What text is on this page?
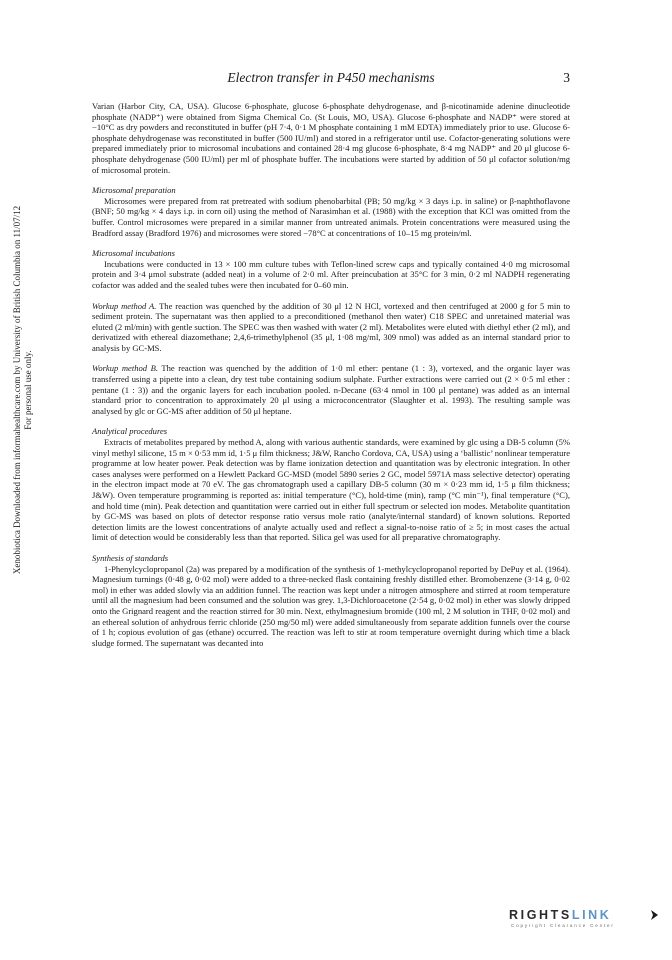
Electron transfer in P450 mechanisms	3
Xenobiotica Downloaded from informahealthcare.com by University of British Columbia on 11/07/12 For personal use only.

Varian (Harbor City, CA, USA). Glucose 6-phosphate, glucose 6-phosphate dehydrogenase, and β-nicotinamide adenine dinucleotide phosphate (NADP⁺) were obtained from Sigma Chemical Co. (St Louis, MO, USA). Glucose 6-phosphate and NADP⁺ were stored at −10°C as dry powders and reconstituted in buffer (pH 7·4, 0·1 M phosphate containing 1 mM EDTA) immediately prior to use. Glucose 6-phosphate dehydrogenase was reconstituted in buffer (500 IU/ml) and stored in a refrigerator until use. Cofactor-generating solutions were prepared immediately prior to microsomal incubations and contained 28·4 mg glucose 6-phosphate, 8·4 mg NADP⁺ and 20 μl glucose 6-phosphate dehydrogenase (500 IU/ml) per ml of phosphate buffer. The incubations were started by addition of 50 μl cofactor solution/mg of microsomal protein.

Microsomal preparation

Microsomes were prepared from rat pretreated with sodium phenobarbital (PB; 50 mg/kg × 3 days i.p. in saline) or β-naphthoflavone (BNF; 50 mg/kg × 4 days i.p. in corn oil) using the method of Narasimhan et al. (1988) with the exception that KCl was omitted from the buffer. Control microsomes were prepared in a similar manner from untreated animals. Protein concentrations were measured using the Bradford assay (Bradford 1976) and microsomes were stored −78°C at concentrations of 10–15 mg protein/ml.

Microsomal incubations

Incubations were conducted in 13 × 100 mm culture tubes with Teflon-lined screw caps and typically contained 4·0 mg microsomal protein and 3·4 μmol substrate (added neat) in a volume of 2·0 ml. After preincubation at 35°C for 3 min, 0·2 ml NADPH regenerating cofactor was added and the sealed tubes were then incubated for 0–60 min.

Workup method A. The reaction was quenched by the addition of 30 μl 12 N HCl, vortexed and then centrifuged at 2000 g for 5 min to sediment protein. The supernatant was then applied to a preconditioned (methanol then water) C18 SPEC and unretained material was eluted (2 ml/min) with gentle suction. The SPEC was then washed with water (2 ml). Metabolites were eluted with diethyl ether (2 ml), and derivatized with ethereal diazomethane; 2,4,6-trimethylphenol (35 μl, 1·08 mg/ml, 309 nmol) was added as an internal standard prior to analysis by GC-MS.

Workup method B. The reaction was quenched by the addition of 1·0 ml ether: pentane (1 : 3), vortexed, and the organic layer was transferred using a pipette into a clean, dry test tube containing sodium sulphate. Further extractions were carried out (2 × 0·5 ml ether : pentane (1 : 3)) and the organic layers for each incubation pooled. n-Decane (63·4 nmol in 100 μl pentane) was added as an internal standard prior to concentration to approximately 20 μl using a microconcentrator (Slaughter et al. 1993). The resulting sample was analysed by glc or GC-MS after addition of 50 μl heptane.

Analytical procedures

Extracts of metabolites prepared by method A, along with various authentic standards, were examined by glc using a DB-5 column (5% vinyl methyl silicone, 15 m × 0·53 mm id, 1·5 μ film thickness; J&W, Rancho Cordova, CA, USA) using a ‘ballistic’ nonlinear temperature programme at low heater power. Peak detection was by flame ionization detection and quantitation was by electronic integration. In other cases analyses were performed on a Hewlett Packard GC-MSD (model 5890 series 2 GC, model 5971A mass selective detector) operating in the electron impact mode at 70 eV. The gas chromatograph used a capillary DB-5 column (30 m × 0·23 mm id, 1·5 μ film thickness; J&W). Oven temperature programming is reported as: initial temperature (°C), hold-time (min), ramp (°C min⁻¹), final temperature (°C), and hold time (min). Peak detection and quantitation were carried out in either full spectrum or selected ion modes. Metabolite quantitation by GC-MS was based on plots of detector response ratio versus mole ratio (analyte/internal standard) of known solutions. Reported detection limits are the lowest concentrations of analyte actually used and reflect a signal-to-noise ratio of ≥ 5; in most cases the actual limit of detection would be considerably less than that reported. Silica gel was used for all preparative chromatography.

Synthesis of standards

1-Phenylcyclopropanol (2a) was prepared by a modification of the synthesis of 1-methylcyclopropanol reported by DePuy et al. (1964). Magnesium turnings (0·48 g, 0·02 mol) were added to a three-necked flask containing freshly distilled ether. Bromobenzene (3·14 g, 0·02 mol) in ether was added slowly via an addition funnel. The reaction was kept under a nitrogen atmosphere and stirred at room temperature until all the magnesium had been consumed and the solution was grey. 1,3-Dichloroacetone (2·54 g, 0·02 mol) in ether was slowly dripped onto the Grignard reagent and the reaction stirred for 30 min. Next, ethylmagnesium bromide (100 ml, 2 M solution in THF, 0·02 mol) and an ethereal solution of anhydrous ferric chloride (250 mg/50 ml) were added simultaneously from separate addition funnels over the course of 1 h; copious evolution of gas (ethane) occurred. The reaction was left to stir at room temperature overnight during which time a black sludge formed. The supernatant was decanted into

RIGHTSLINK
Copyright Clearance Center
